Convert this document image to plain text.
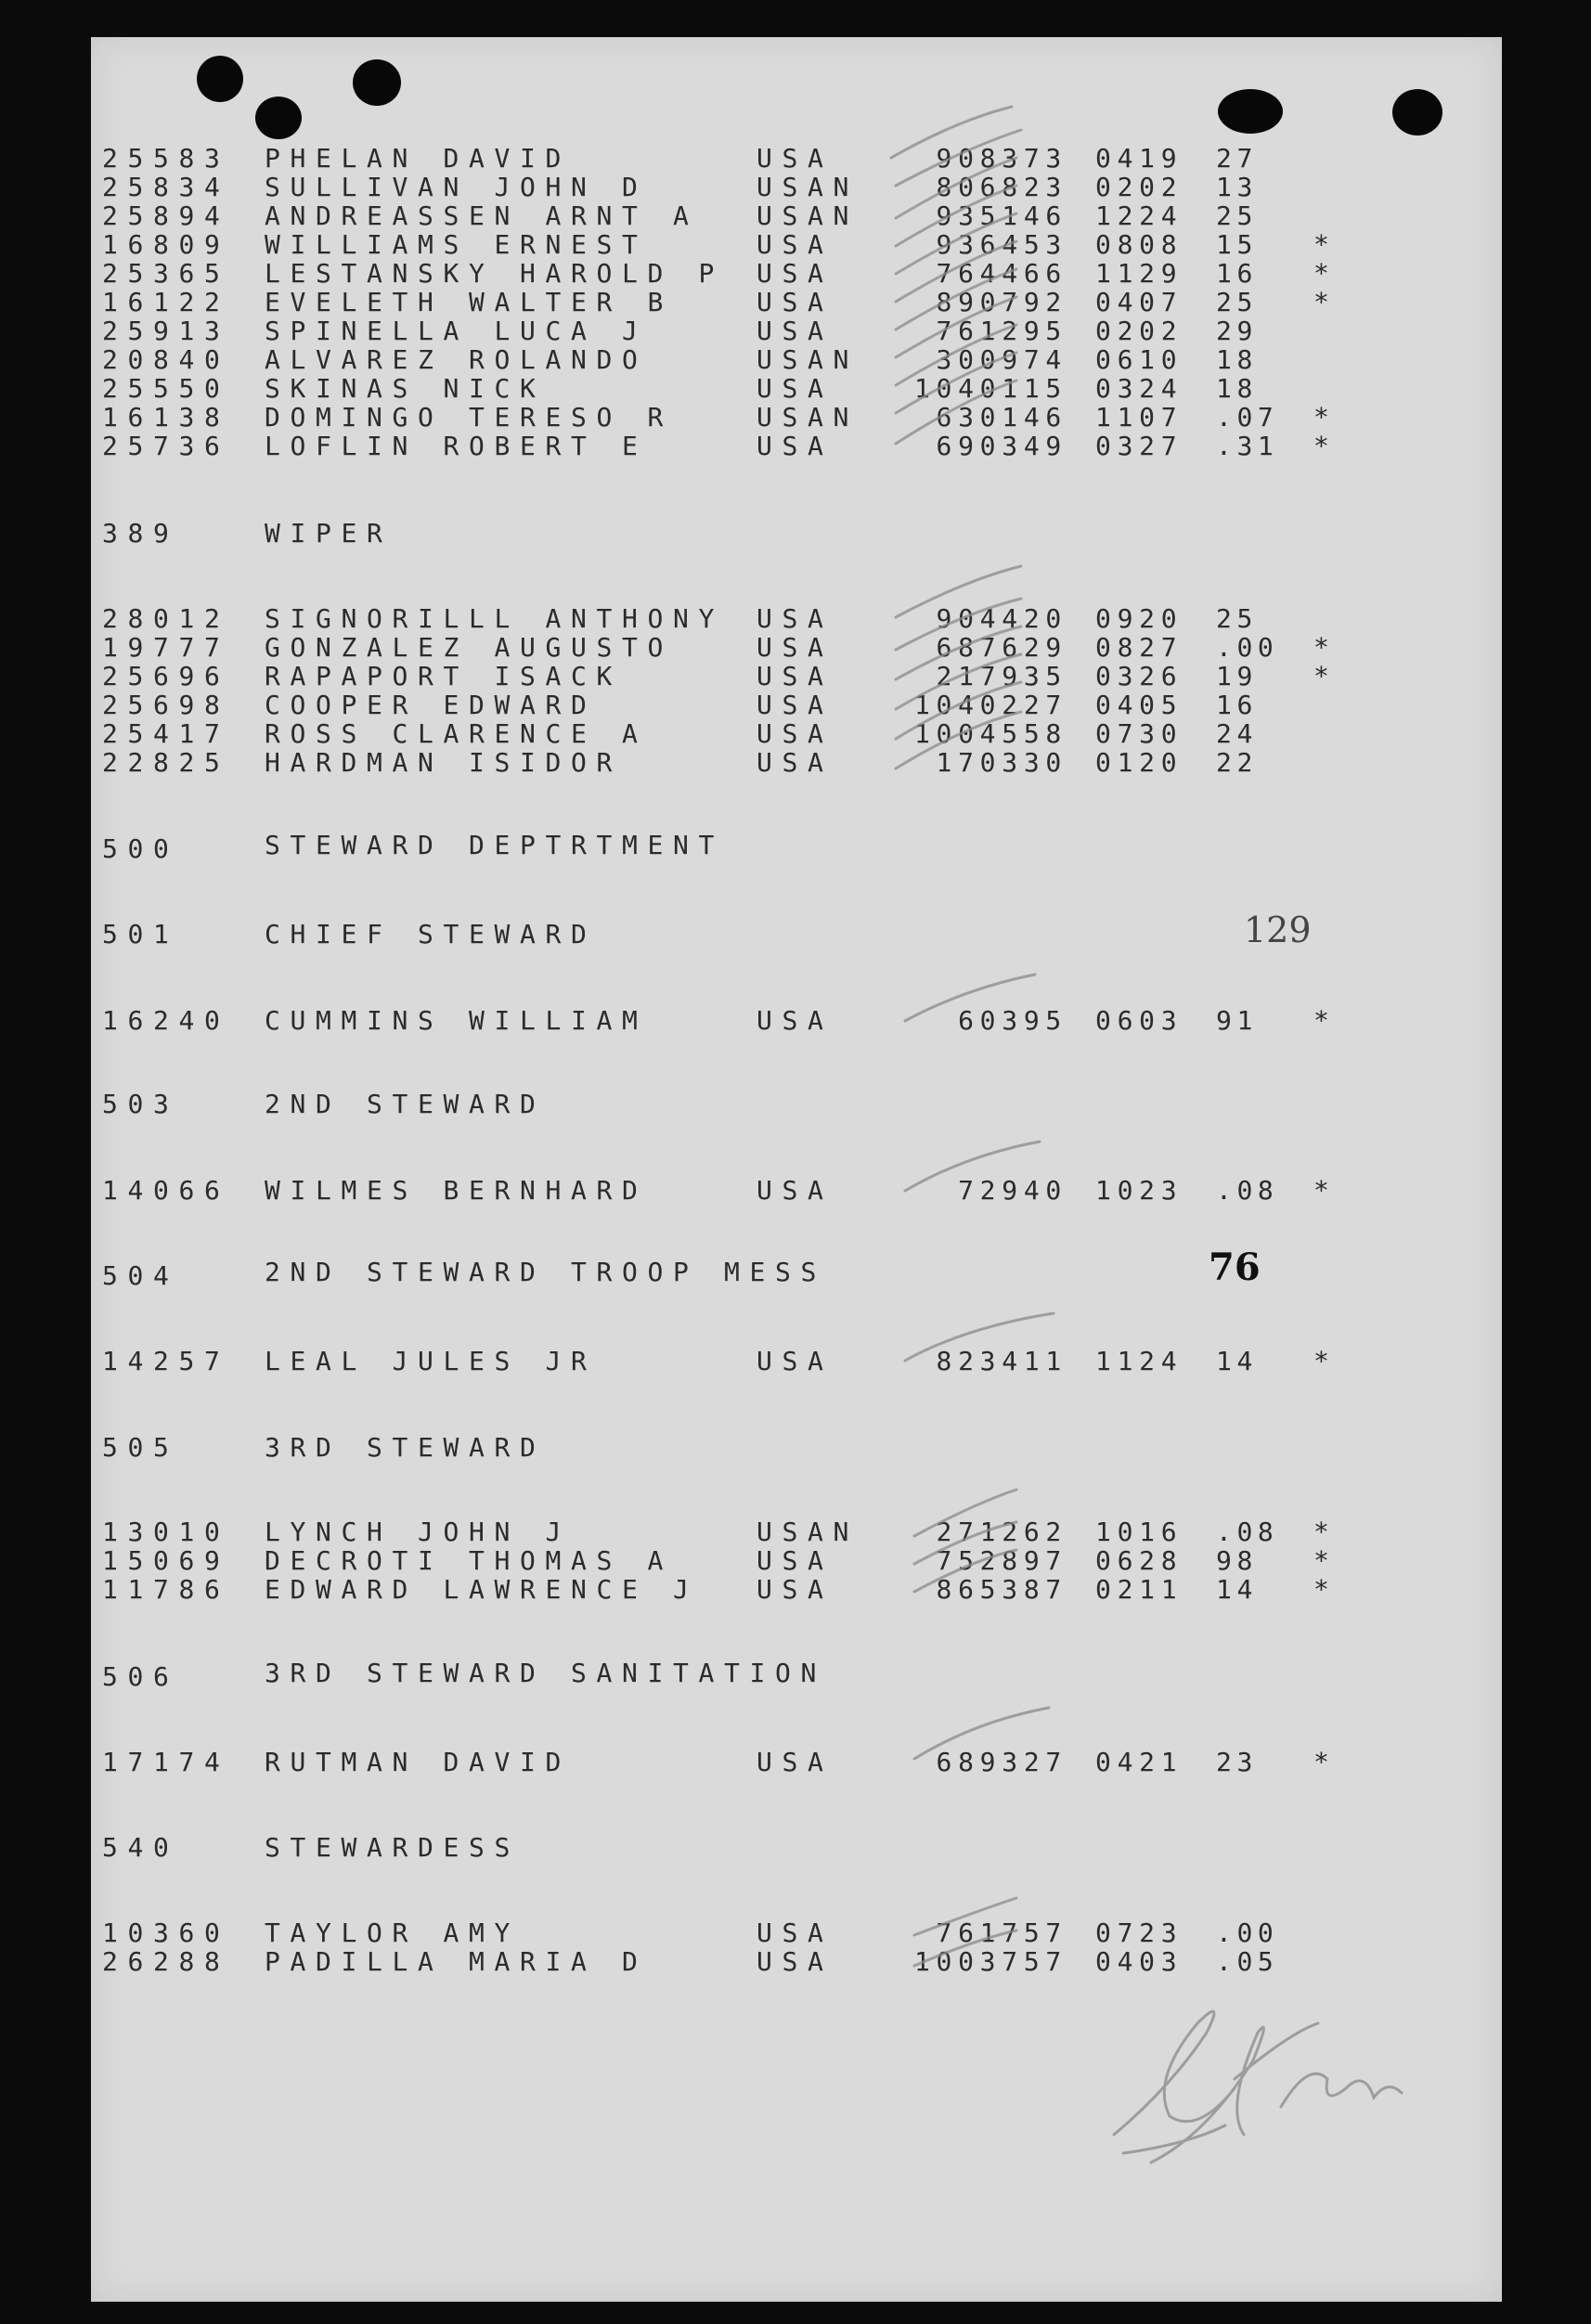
25583 PHELAN DAVID	USA	908373 0419 27
25834 SULLIVAN JOHN D	USAN	806823 0202 13
25894 ANDREASSEN ARNT A USAN	935146 1224 25
16809 WILLIAMS ERNEST	USA	936453 0808 15 *
25365 LESTANSKY HAROLD P USA	764466 1129 16 *
16122 EVELETH WALTER B	USA	890792 0407 25 *
25913 SPINELLA LUCA J	USA	761295 0202 29
20840 ALVAREZ ROLANDO	USAN	300974 0610 18
25550 SKINAS NICK	USA	1040115 0324 18
16138 DOMINGO TERESO R	USAN	630146 1107 .07 *
25736 LOFLIN ROBERT E	USA	690349 0327 .31 *
389	WIPER
28012 SIGNORILLL ANTHONY USA	904420 0920 25
19777 GONZALEZ AUGUSTO	USA	687629 0827 .00 *
25696 RAPAPORT ISACK	USA	217935 0326 19 *
25698 COOPER EDWARD	USA	1040227 0405 16
25417 ROSS CLARENCE A	USA	1004558 0730 24
22825 HARDMAN ISIDOR	USA	170330 0120 22
500	STEWARD DEPTRTMENT
501	CHIEF STEWARD	129
16240 CUMMINS WILLIAM	USA	60395 0603 91 *
503	2ND STEWARD
14066 WILMES BERNHARD	USA	72940 1023 .08 *
504	2ND STEWARD TROOP MESS	76
14257 LEAL JULES JR	USA	823411 1124 14 *
505	3RD STEWARD
13010 LYNCH JOHN J	USAN	271262 1016 .08 *
15069 DECROTI THOMAS A	USA	752897 0628 98 *
11786 EDWARD LAWRENCE J USA	865387 0211 14 *
506	3RD STEWARD SANITATION
17174 RUTMAN DAVID	USA	689327 0421 23 *
540	STEWARDESS
10360 TAYLOR AMY	USA	761757 0723 .00
26288 PADILLA MARIA D	USA	1003757 0403 .05
